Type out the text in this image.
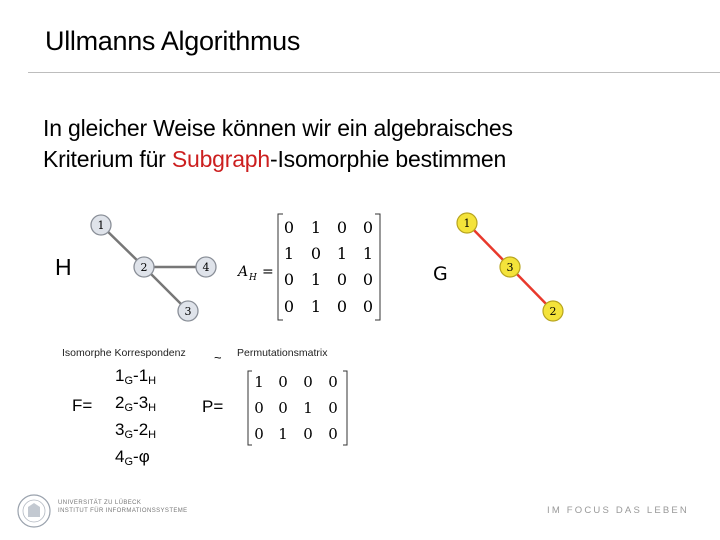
Ullmanns Algorithmus
In gleicher Weise können wir ein algebraisches
Kriterium für Subgraph-Isomorphie bestimmen
H
1
2
3
4 A H =
0 1 0 0
1 0 1 1
0 1 0 0
0 1 0 0
G
1
3
2
Isomorphe Korrespondenz ~ Permutationsmatrix
F=
$1_G-1_H$
$2_G-3_H$
$3_G-2_H$
$4_G-\varphi$
P=
1 0 0 0
0 0 1 0
0 1 0 0
UNIVERSITÄT ZU LÜBECK
INSTITUT FÜR INFORMATIONSSYSTEME	IM FOCUS DAS LEBEN
